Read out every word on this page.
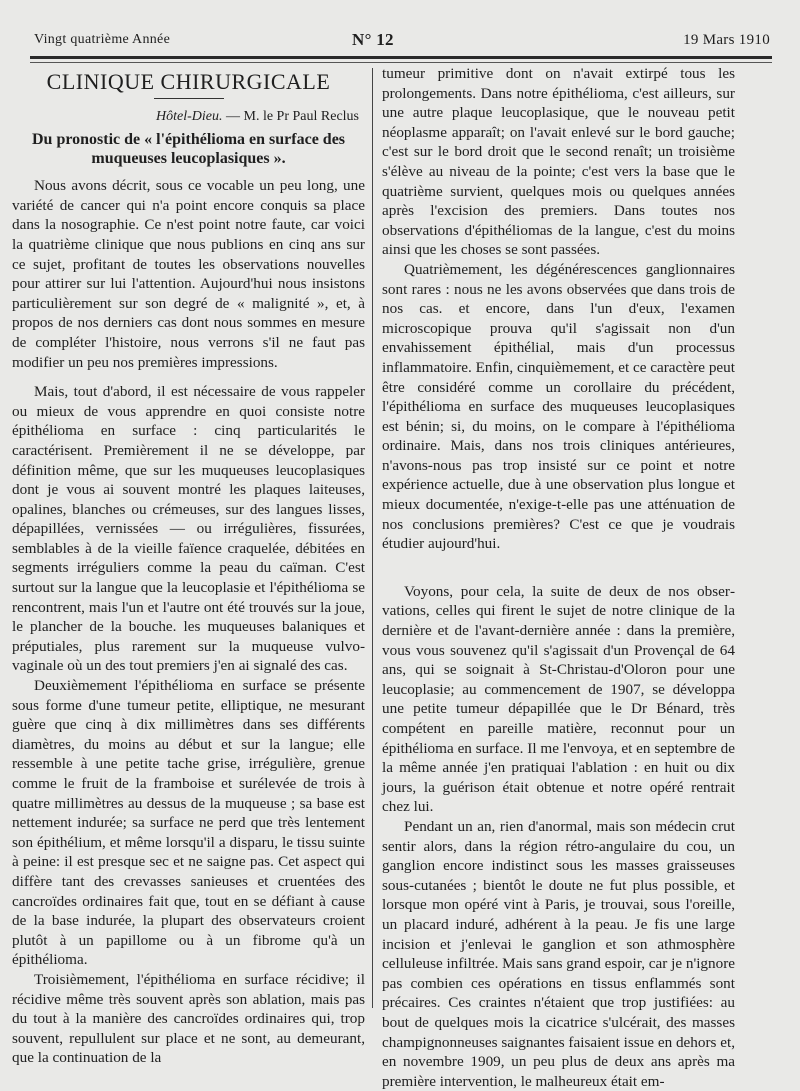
Vingt quatrième Année	N° 12	19 Mars 1910
CLINIQUE CHIRURGICALE
Hôtel-Dieu. — M. le Pr Paul Reclus
Du pronostic de « l'épithélioma en surface des muqueuses leucoplasiques ».

Nous avons décrit, sous ce vocable un peu long, une variété de cancer qui n'a point encore conquis sa place dans la nosographie. Ce n'est point notre faute, car voici la quatrième clinique que nous publions en cinq ans sur ce sujet, profitant de toutes les observations nouvelles pour attirer sur lui l'attention. Aujourd'hui nous insistons particulièrement sur son degré de « malignité », et, à propos de nos derniers cas dont nous sommes en mesure de compléter l'histoire, nous verrons s'il ne faut pas modifier un peu nos premières impressions.

Mais, tout d'abord, il est nécessaire de vous rappeler ou mieux de vous apprendre en quoi consiste notre épithélioma en surface : cinq particularités le caractérisent. Premièrement il ne se développe, par définition même, que sur les muqueuses leucoplasiques dont je vous ai souvent montré les plaques laiteuses, opalines, blanches ou crémeuses, sur des langues lisses, dépapillées, vernissées — ou irrégulières, fissurées, semblables à de la vieille faïence craquelée, débitées en segments irréguliers comme la peau du caïman. C'est surtout sur la langue que la leucoplasie et l'épithélioma se rencontrent, mais l'un et l'autre ont été trouvés sur la joue, le plancher de la bouche. les muqueuses balaniques et préputiales, plus rarement sur la muqueuse vulvo-vaginale où un des tout premiers j'en ai signalé des cas.

Deuxièmement l'épithélioma en surface se présente sous forme d'une tumeur petite, elliptique, ne mesurant guère que cinq à dix millimètres dans ses différents diamètres, du moins au début et sur la langue; elle ressemble à une petite tache grise, irrégulière, grenue comme le fruit de la framboise et surélevée de trois à quatre millimètres au dessus de la muqueuse ; sa base est nettement indurée; sa surface ne perd que très lentement son épithélium, et même lorsqu'il a disparu, le tissu suinte à peine: il est presque sec et ne saigne pas. Cet aspect qui diffère tant des crevasses sanieuses et cruentées des cancroïdes ordinaires fait que, tout en se défiant à cause de la base indurée, la plupart des observateurs croient plutôt à un papillome ou à un fibrome qu'à un épithélioma.

Troisièmement, l'épithélioma en surface récidive; il récidive même très souvent après son ablation, mais pas du tout à la manière des cancroïdes ordinaires qui, trop souvent, repullulent sur place et ne sont, au demeurant, que la continuation de la

tumeur primitive dont on n'avait extirpé tous les prolongements. Dans notre épithélioma, c'est ailleurs, sur une autre plaque leucoplasique, que le nouveau petit néoplasme apparaît; on l'avait enlevé sur le bord gauche; c'est sur le bord droit que le second renaît; un troisième s'élève au niveau de la pointe; c'est vers la base que le quatrième survient, quelques mois ou quelques années après l'excision des premiers. Dans toutes nos observations d'épithéliomas de la langue, c'est du moins ainsi que les choses se sont passées.

Quatrièmement, les dégénérescences ganglionnaires sont rares : nous ne les avons observées que dans trois de nos cas. et encore, dans l'un d'eux, l'examen microscopique prouva qu'il s'agissait non d'un envahissement épithélial, mais d'un processus inflammatoire. Enfin, cinquièmement, et ce caractère peut être considéré comme un corollaire du précédent, l'épithélioma en surface des muqueuses leucoplasiques est bénin; si, du moins, on le compare à l'épithélioma ordinaire. Mais, dans nos trois cliniques antérieures, n'avons-nous pas trop insisté sur ce point et notre expérience actuelle, due à une observation plus longue et mieux documentée, n'exige-t-elle pas une atténuation de nos conclusions premières? C'est ce que je voudrais étudier aujourd'hui.

Voyons, pour cela, la suite de deux de nos observations, celles qui firent le sujet de notre clinique de la dernière et de l'avant-dernière année : dans la première, vous vous souvenez qu'il s'agissait d'un Provençal de 64 ans, qui se soignait à St-Christau-d'Oloron pour une leucoplasie; au commencement de 1907, se développa une petite tumeur dépapillée que le Dr Bénard, très compétent en pareille matière, reconnut pour un épithélioma en surface. Il me l'envoya, et en septembre de la même année j'en pratiquai l'ablation : en huit ou dix jours, la guérison était obtenue et notre opéré rentrait chez lui.

Pendant un an, rien d'anormal, mais son médecin crut sentir alors, dans la région rétro-angulaire du cou, un ganglion encore indistinct sous les masses graisseuses sous-cutanées ; bientôt le doute ne fut plus possible, et lorsque mon opéré vint à Paris, je trouvai, sous l'oreille, un placard induré, adhérent à la peau. Je fis une large incision et j'enlevai le ganglion et son athmosphère celluleuse infiltrée. Mais sans grand espoir, car je n'ignore pas combien ces opérations en tissus enflammés sont précaires. Ces craintes n'étaient que trop justifiées: au bout de quelques mois la cicatrice s'ulcérait, des masses champignonneuses saignantes faisaient issue en dehors et, en novembre 1909, un peu plus de deux ans après ma première intervention, le malheureux était em-
